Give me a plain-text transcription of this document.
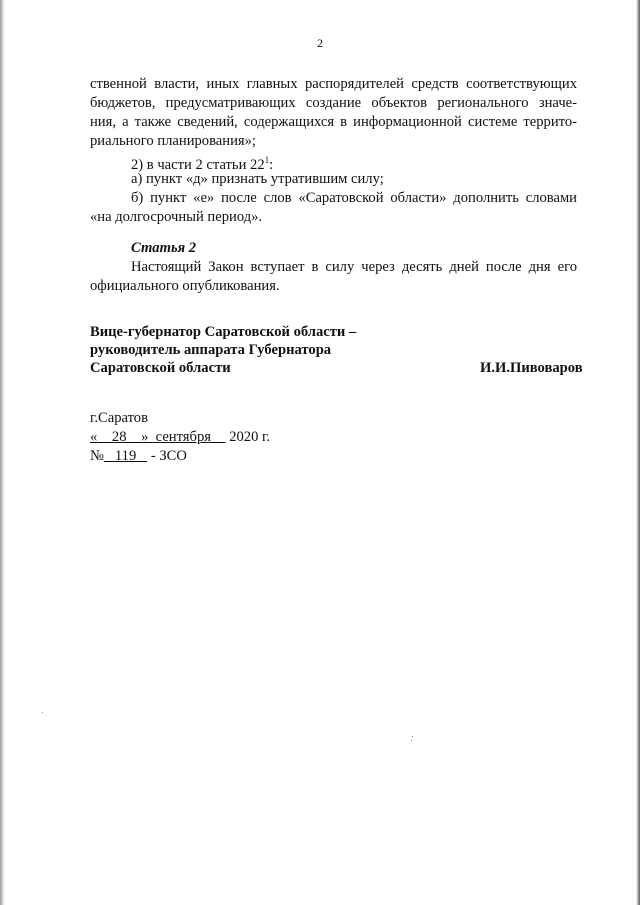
2
ственной власти, иных главных распорядителей средств соответствующих
бюджетов, предусматривающих создание объектов регионального значе-
ния, а также сведений, содержащихся в информационной системе террито-
риального планирования»;
2) в части 2 статьи $22^1$:
а) пункт «д» признать утратившим силу;
б) пункт «е» после слов «Саратовской области» дополнить словами
«на долгосрочный период».
Статья 2
Настоящий Закон вступает в силу через десять дней после дня его
официального опубликования.
Вице-губернатор Саратовской области –
руководитель аппарата Губернатора
Саратовской области	И.И.Пивоваров
г.Саратов
« 28 » сентября 2020 г.
№ 119 - ЗСО
